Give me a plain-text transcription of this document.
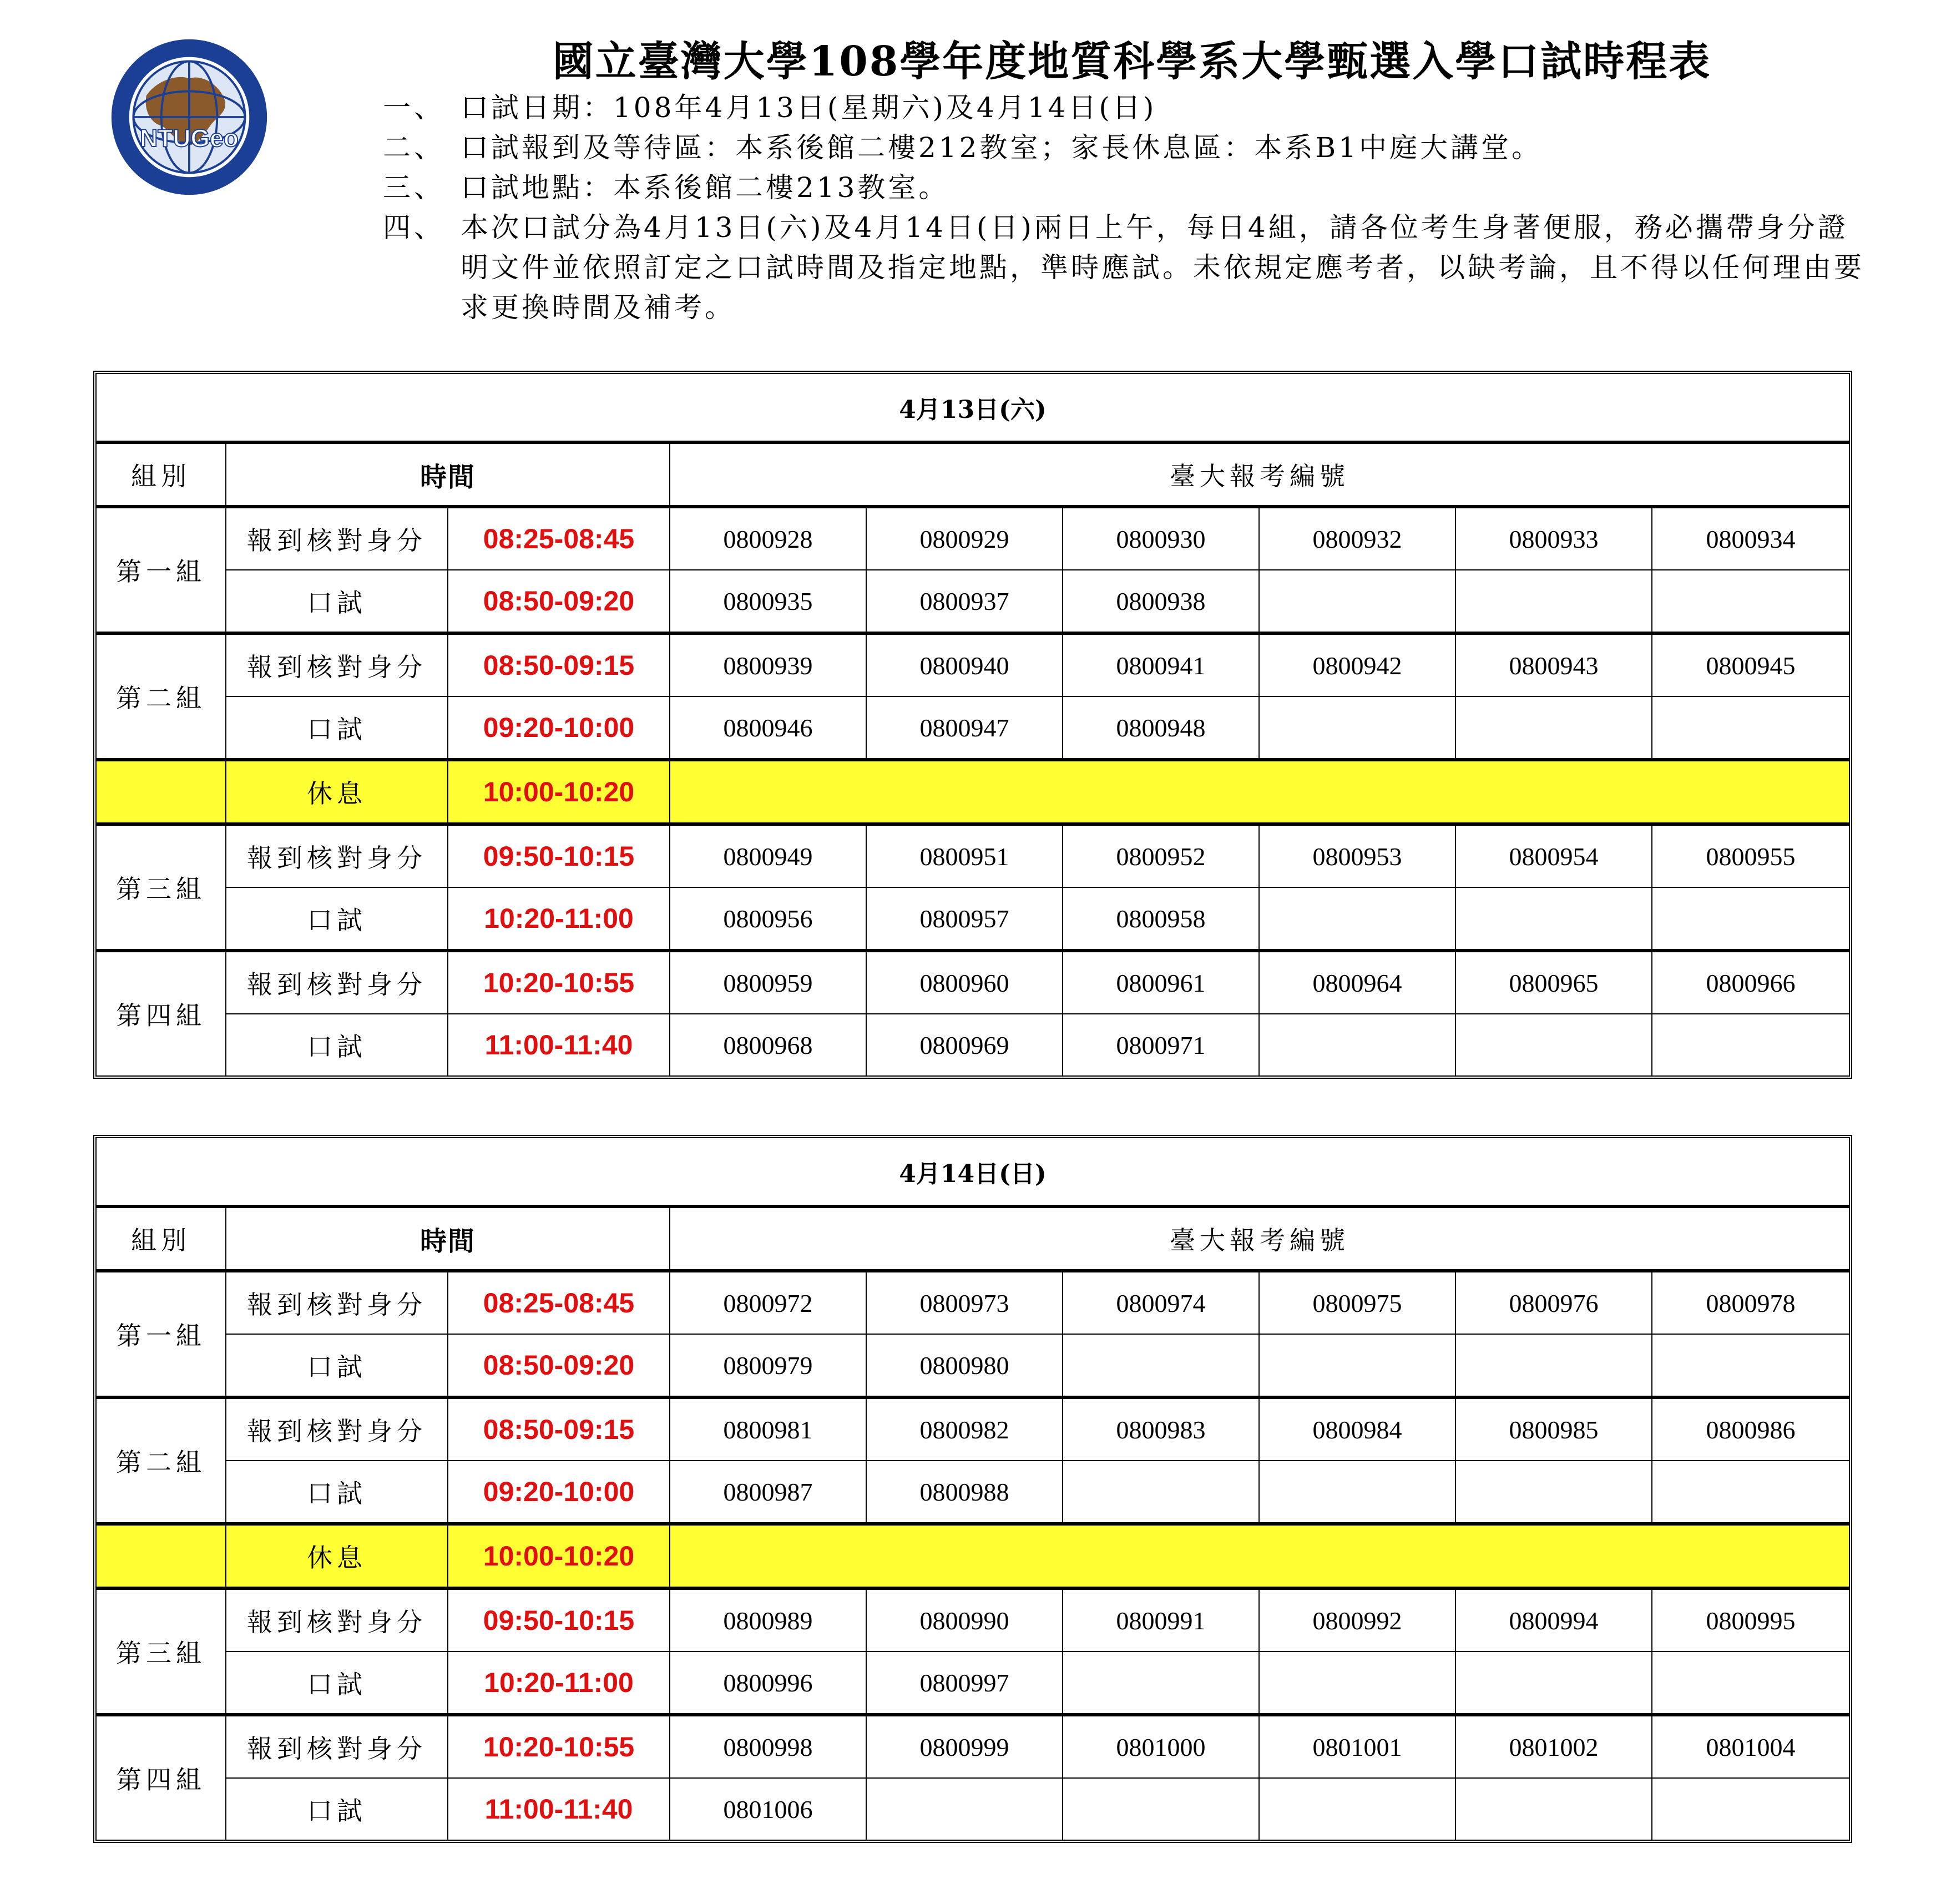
NTUGeo
國立臺灣大學108學年度地質科學系大學甄選入學口試時程表
一、 口試日期：108年4月13日(星期六)及4月14日(日)
二、 口試報到及等待區：本系後館二樓212教室；家長休息區：本系B1中庭大講堂。
三、 口試地點：本系後館二樓213教室。
四、 本次口試分為4月13日(六)及4月14日(日)兩日上午，每日4組，請各位考生身著便服，務必攜帶身分證明文件並依照訂定之口試時間及指定地點，準時應試。未依規定應考者，以缺考論，且不得以任何理由要求更換時間及補考。
4月13日(六)								
組別	時間		臺大報考編號					
第一組	報到核對身分	08:25-08:45	0800928	0800929	0800930	0800932	0800933	0800934
	口試	08:50-09:20	0800935	0800937	0800938			
第二組	報到核對身分	08:50-09:15	0800939	0800940	0800941	0800942	0800943	0800945
	口試	09:20-10:00	0800946	0800947	0800948			
	休息	10:00-10:20						
第三組	報到核對身分	09:50-10:15	0800949	0800951	0800952	0800953	0800954	0800955
	口試	10:20-11:00	0800956	0800957	0800958			
第四組	報到核對身分	10:20-10:55	0800959	0800960	0800961	0800964	0800965	0800966
	口試	11:00-11:40	0800968	0800969	0800971			
4月14日(日)								
組別	時間		臺大報考編號					
第一組	報到核對身分	08:25-08:45	0800972	0800973	0800974	0800975	0800976	0800978
	口試	08:50-09:20	0800979	0800980				
第二組	報到核對身分	08:50-09:15	0800981	0800982	0800983	0800984	0800985	0800986
	口試	09:20-10:00	0800987	0800988				
	休息	10:00-10:20						
第三組	報到核對身分	09:50-10:15	0800989	0800990	0800991	0800992	0800994	0800995
	口試	10:20-11:00	0800996	0800997				
第四組	報到核對身分	10:20-10:55	0800998	0800999	0801000	0801001	0801002	0801004
	口試	11:00-11:40	0801006					
